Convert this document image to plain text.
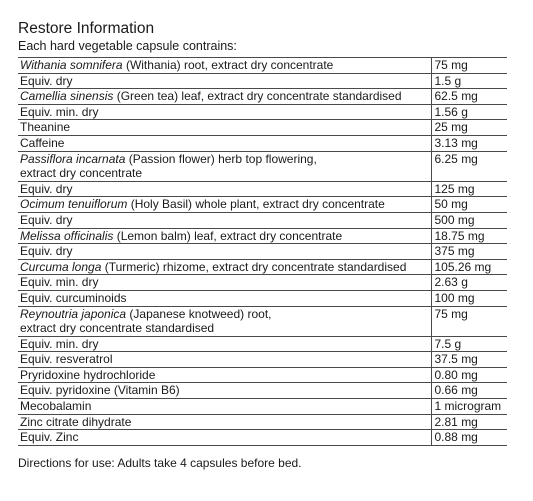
Restore Information
Each hard vegetable capsule contrains:
Withania somnifera (Withania) root, extract dry concentrate	75 mg
Equiv. dry	1.5 g
Camellia sinensis (Green tea) leaf, extract dry concentrate standardised	62.5 mg
Equiv. min. dry	1.56 g
Theanine	25 mg
Caffeine	3.13 mg
Passiflora incarnata (Passion flower) herb top flowering,
extract dry concentrate	6.25 mg
Equiv. dry	125 mg
Ocimum tenuiflorum (Holy Basil) whole plant, extract dry concentrate	50 mg
Equiv. dry	500 mg
Melissa officinalis (Lemon balm) leaf, extract dry concentrate	18.75 mg
Equiv. dry	375 mg
Curcuma longa (Turmeric) rhizome, extract dry concentrate standardised	105.26 mg
Equiv. min. dry	2.63 g
Equiv. curcuminoids	100 mg
Reynoutria japonica (Japanese knotweed) root,
extract dry concentrate standardised	75 mg
Equiv. min. dry	7.5 g
Equiv. resveratrol	37.5 mg
Pryridoxine hydrochloride	0.80 mg
Equiv. pyridoxine (Vitamin B6)	0.66 mg
Mecobalamin	1 microgram
Zinc citrate dihydrate	2.81 mg
Equiv. Zinc	0.88 mg
Directions for use: Adults take 4 capsules before bed.
